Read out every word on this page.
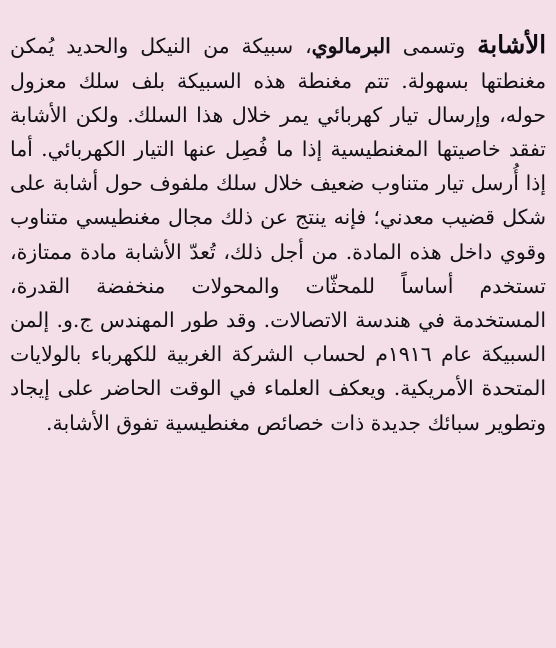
الأشابة وتسمى البرمالوي، سبيكة من النيكل والحديد يُمكن مغنطتها بسهولة. تتم مغنطة هذه السبيكة بلف سلك معزول حوله، وإرسال تيار كهربائي يمر خلال هذا السلك. ولكن الأشابة تفقد خاصيتها المغنطيسية إذا ما فُصِل عنها التيار الكهربائي. أما إذا أُرسل تيار متناوب ضعيف خلال سلك ملفوف حول أشابة على شكل قضيب معدني؛ فإنه ينتج عن ذلك مجال مغنطيسي متناوب وقوي داخل هذه المادة. من أجل ذلك، تُعدّ الأشابة مادة ممتازة، تستخدم أساساً للمحثّات والمحولات منخفضة القدرة، المستخدمة في هندسة الاتصالات. وقد طور المهندس ج.و. إلمن السبيكة عام ١٩١٦م لحساب الشركة الغربية للكهرباء بالولايات المتحدة الأمريكية. ويعكف العلماء في الوقت الحاضر على إيجاد وتطوير سبائك جديدة ذات خصائص مغنطيسية تفوق الأشابة.
